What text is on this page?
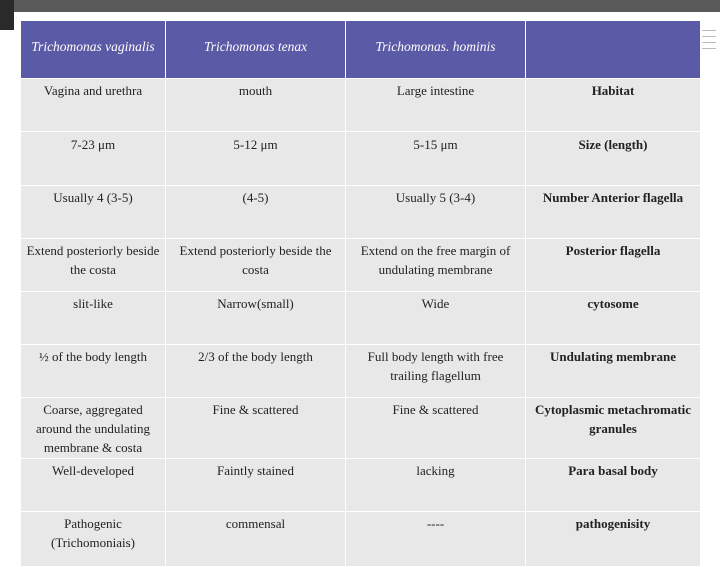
Trichomonas vaginalis	Trichomonas tenax	Trichomonas. hominis	
Vagina and urethra	mouth	Large intestine	Habitat
7-23 μm	5-12 μm	5-15 μm	Size (length)
Usually 4 (3-5)	(4-5)	Usually 5 (3-4)	Number Anterior flagella
Extend posteriorly beside the costa	Extend posteriorly beside the costa	Extend on the free margin of undulating membrane	Posterior flagella
slit-like	Narrow(small)	Wide	cytosome
½ of the body length	2/3 of the body length	Full body length with free trailing flagellum	Undulating membrane
Coarse, aggregated around the undulating membrane & costa	Fine & scattered	Fine & scattered	Cytoplasmic metachromatic granules
Well-developed	Faintly stained	lacking	Para basal body
Pathogenic (Trichomoniais)	commensal	----	pathogenisity
